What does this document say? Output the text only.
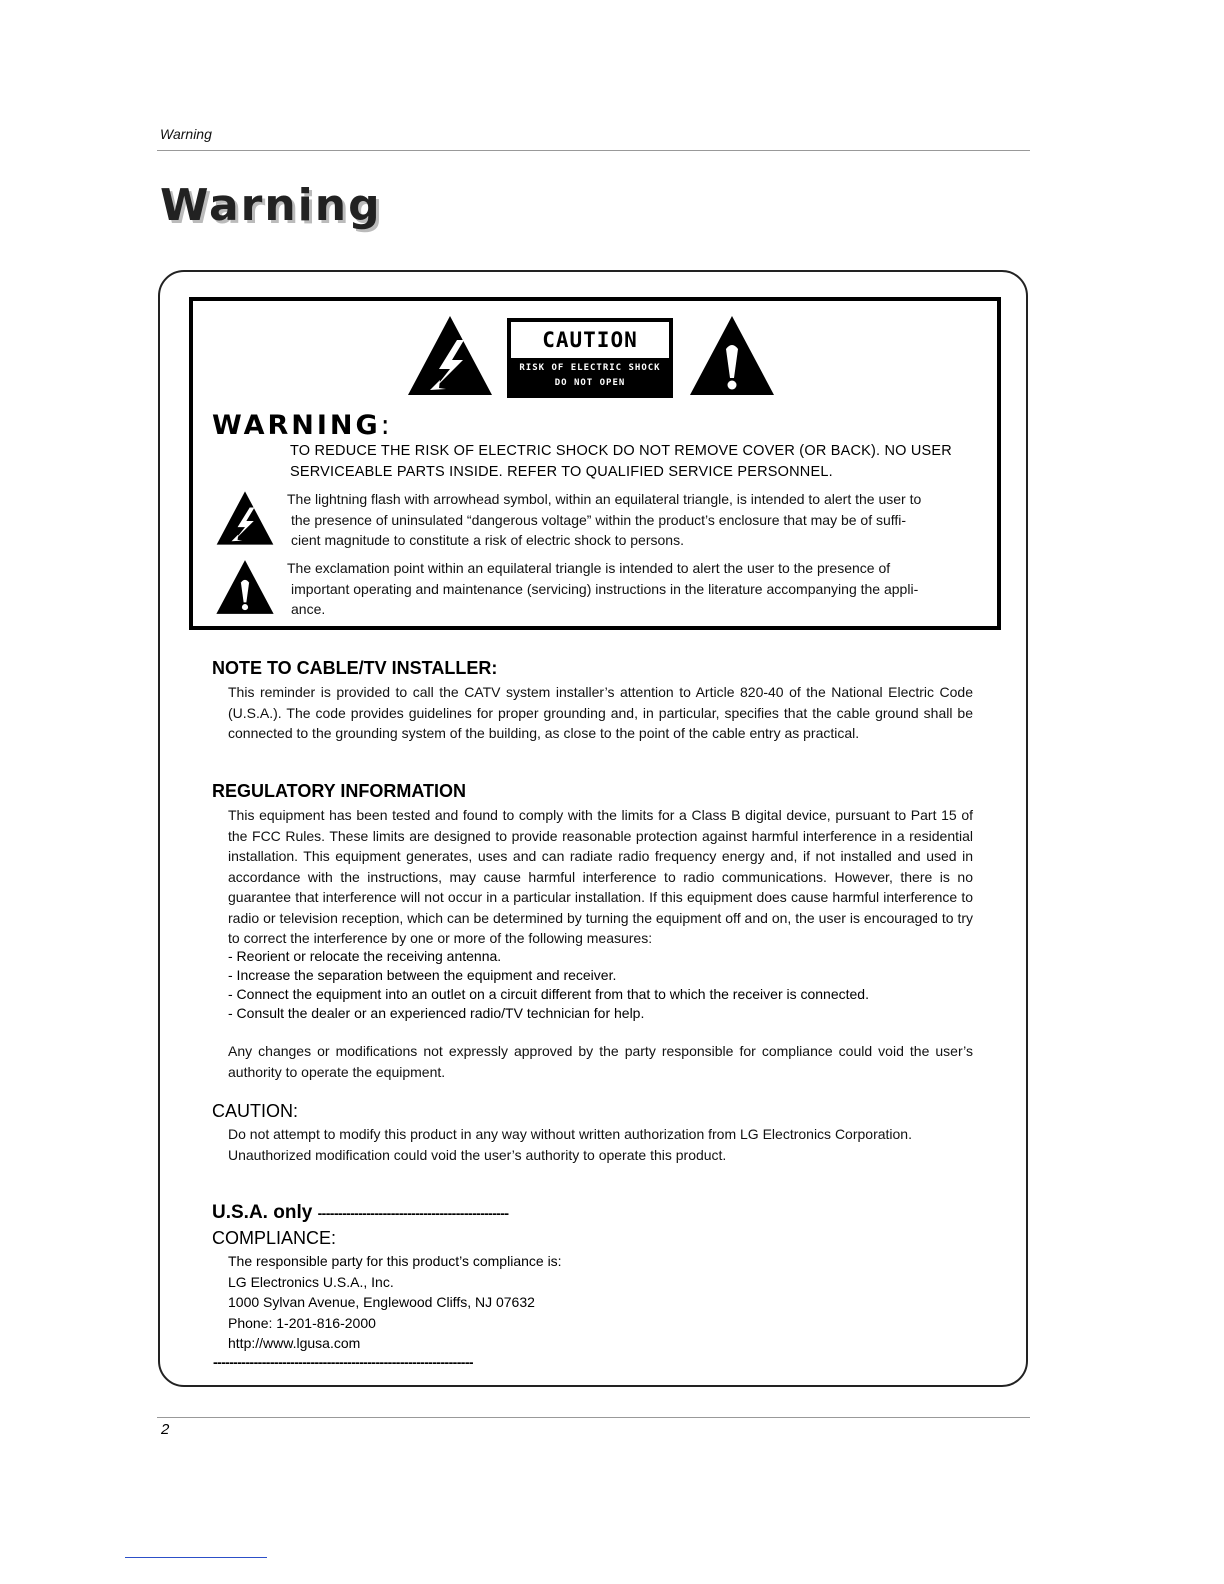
Warning
Warning
CAUTION
RISK OF ELECTRIC SHOCK
DO NOT OPEN
WARNING:
TO REDUCE THE RISK OF ELECTRIC SHOCK DO NOT REMOVE COVER (OR BACK). NO USER
SERVICEABLE PARTS INSIDE. REFER TO QUALIFIED SERVICE PERSONNEL.
The lightning flash with arrowhead symbol, within an equilateral triangle, is intended to alert the user to
the presence of uninsulated “dangerous voltage” within the product’s enclosure that may be of suffi-
cient magnitude to constitute a risk of electric shock to persons.
The exclamation point within an equilateral triangle is intended to alert the user to the presence of
important operating and maintenance (servicing) instructions in the literature accompanying the appli-
ance.
NOTE TO CABLE/TV INSTALLER:

This reminder is provided to call the CATV system installer’s attention to Article 820-40 of the National Electric Code (U.S.A.). The code provides guidelines for proper grounding and, in particular, specifies that the cable ground shall be connected to the grounding system of the building, as close to the point of the cable entry as practical.

REGULATORY INFORMATION

This equipment has been tested and found to comply with the limits for a Class B digital device, pursuant to Part 15 of the FCC Rules. These limits are designed to provide reasonable protection against harmful interference in a residential installation. This equipment generates, uses and can radiate radio frequency energy and, if not installed and used in accordance with the instructions, may cause harmful interference to radio communications. However, there is no guarantee that interference will not occur in a particular installation. If this equipment does cause harmful interference to radio or television reception, which can be determined by turning the equipment off and on, the user is encouraged to try to correct the interference by one or more of the following measures:

- Reorient or relocate the receiving antenna.
- Increase the separation between the equipment and receiver.
- Connect the equipment into an outlet on a circuit different from that to which the receiver is connected.
- Consult the dealer or an experienced radio/TV technician for help.

Any changes or modifications not expressly approved by the party responsible for compliance could void the user’s authority to operate the equipment.

CAUTION:
Do not attempt to modify this product in any way without written authorization from LG Electronics Corporation.
Unauthorized modification could void the user’s authority to operate this product.
U.S.A. only -----------------------------------------------
COMPLIANCE:
The responsible party for this product’s compliance is:
LG Electronics U.S.A., Inc.
1000 Sylvan Avenue, Englewood Cliffs, NJ 07632
Phone: 1-201-816-2000
http://www.lgusa.com
----------------------------------------------------------------
2
